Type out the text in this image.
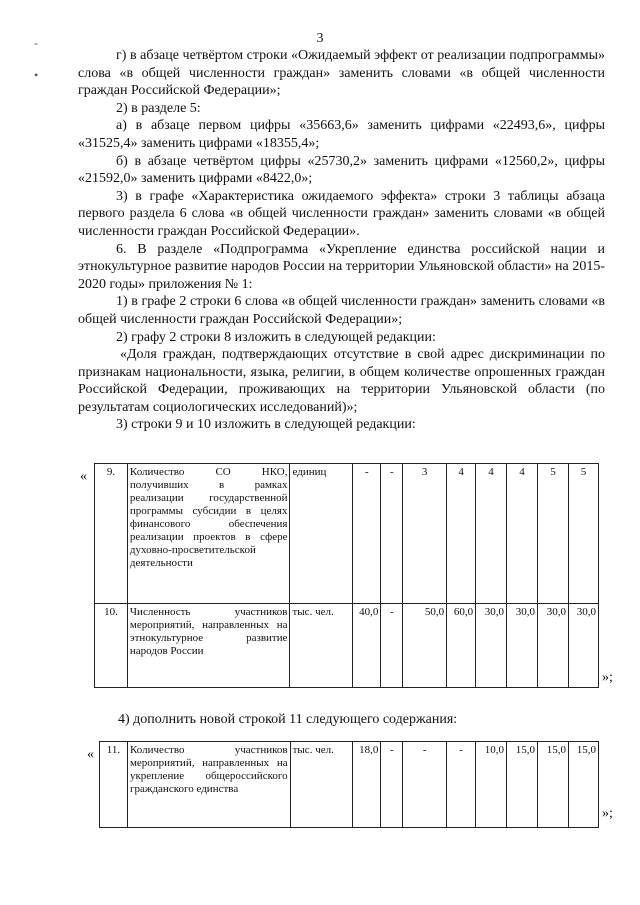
3
-
•

г) в абзаце четвёртом строки «Ожидаемый эффект от реализации подпрограммы» слова «в общей численности граждан» заменить словами «в общей численности граждан Российской Федерации»;

2) в разделе 5:

а) в абзаце первом цифры «35663,6» заменить цифрами «22493,6», цифры «31525,4» заменить цифрами «18355,4»;

б) в абзаце четвёртом цифры «25730,2» заменить цифрами «12560,2», цифры «21592,0» заменить цифрами «8422,0»;

3) в графе «Характеристика ожидаемого эффекта» строки 3 таблицы абзаца первого раздела 6 слова «в общей численности граждан» заменить словами «в общей численности граждан Российской Федерации».

6. В разделе «Подпрограмма «Укрепление единства российской нации и этнокультурное развитие народов России на территории Ульяновской области» на 2015-2020 годы» приложения № 1:

1) в графе 2 строки 6 слова «в общей численности граждан» заменить словами «в общей численности граждан Российской Федерации»;

2) графу 2 строки 8 изложить в следующей редакции:

«Доля граждан, подтверждающих отсутствие в свой адрес дискриминации по признакам национальности, языка, религии, в общем количестве опрошенных граждан Российской Федерации, проживающих на территории Ульяновской области (по результатам социологических исследований)»;

3) строки 9 и 10 изложить в следующей редакции:

« 9.	Количество СО НКО, получивших в рамках реализации государственной программы субсидии в целях финансового обеспечения реализации проектов в сфере духовно-просветительской деятельности	единиц	-	-	3	4	4	4	5	5
10.	Численность участников мероприятий, направленных на этнокультурное развитие народов России	тыс. чел.	40,0	-	50,0	60,0	30,0	30,0	30,0	30,0
»;
4) дополнить новой строкой 11 следующего содержания:
« 11.	Количество участников мероприятий, направленных на укрепление общероссийского гражданского единства	тыс. чел.	18,0	-	-	-	10,0	15,0	15,0	15,0
»;
